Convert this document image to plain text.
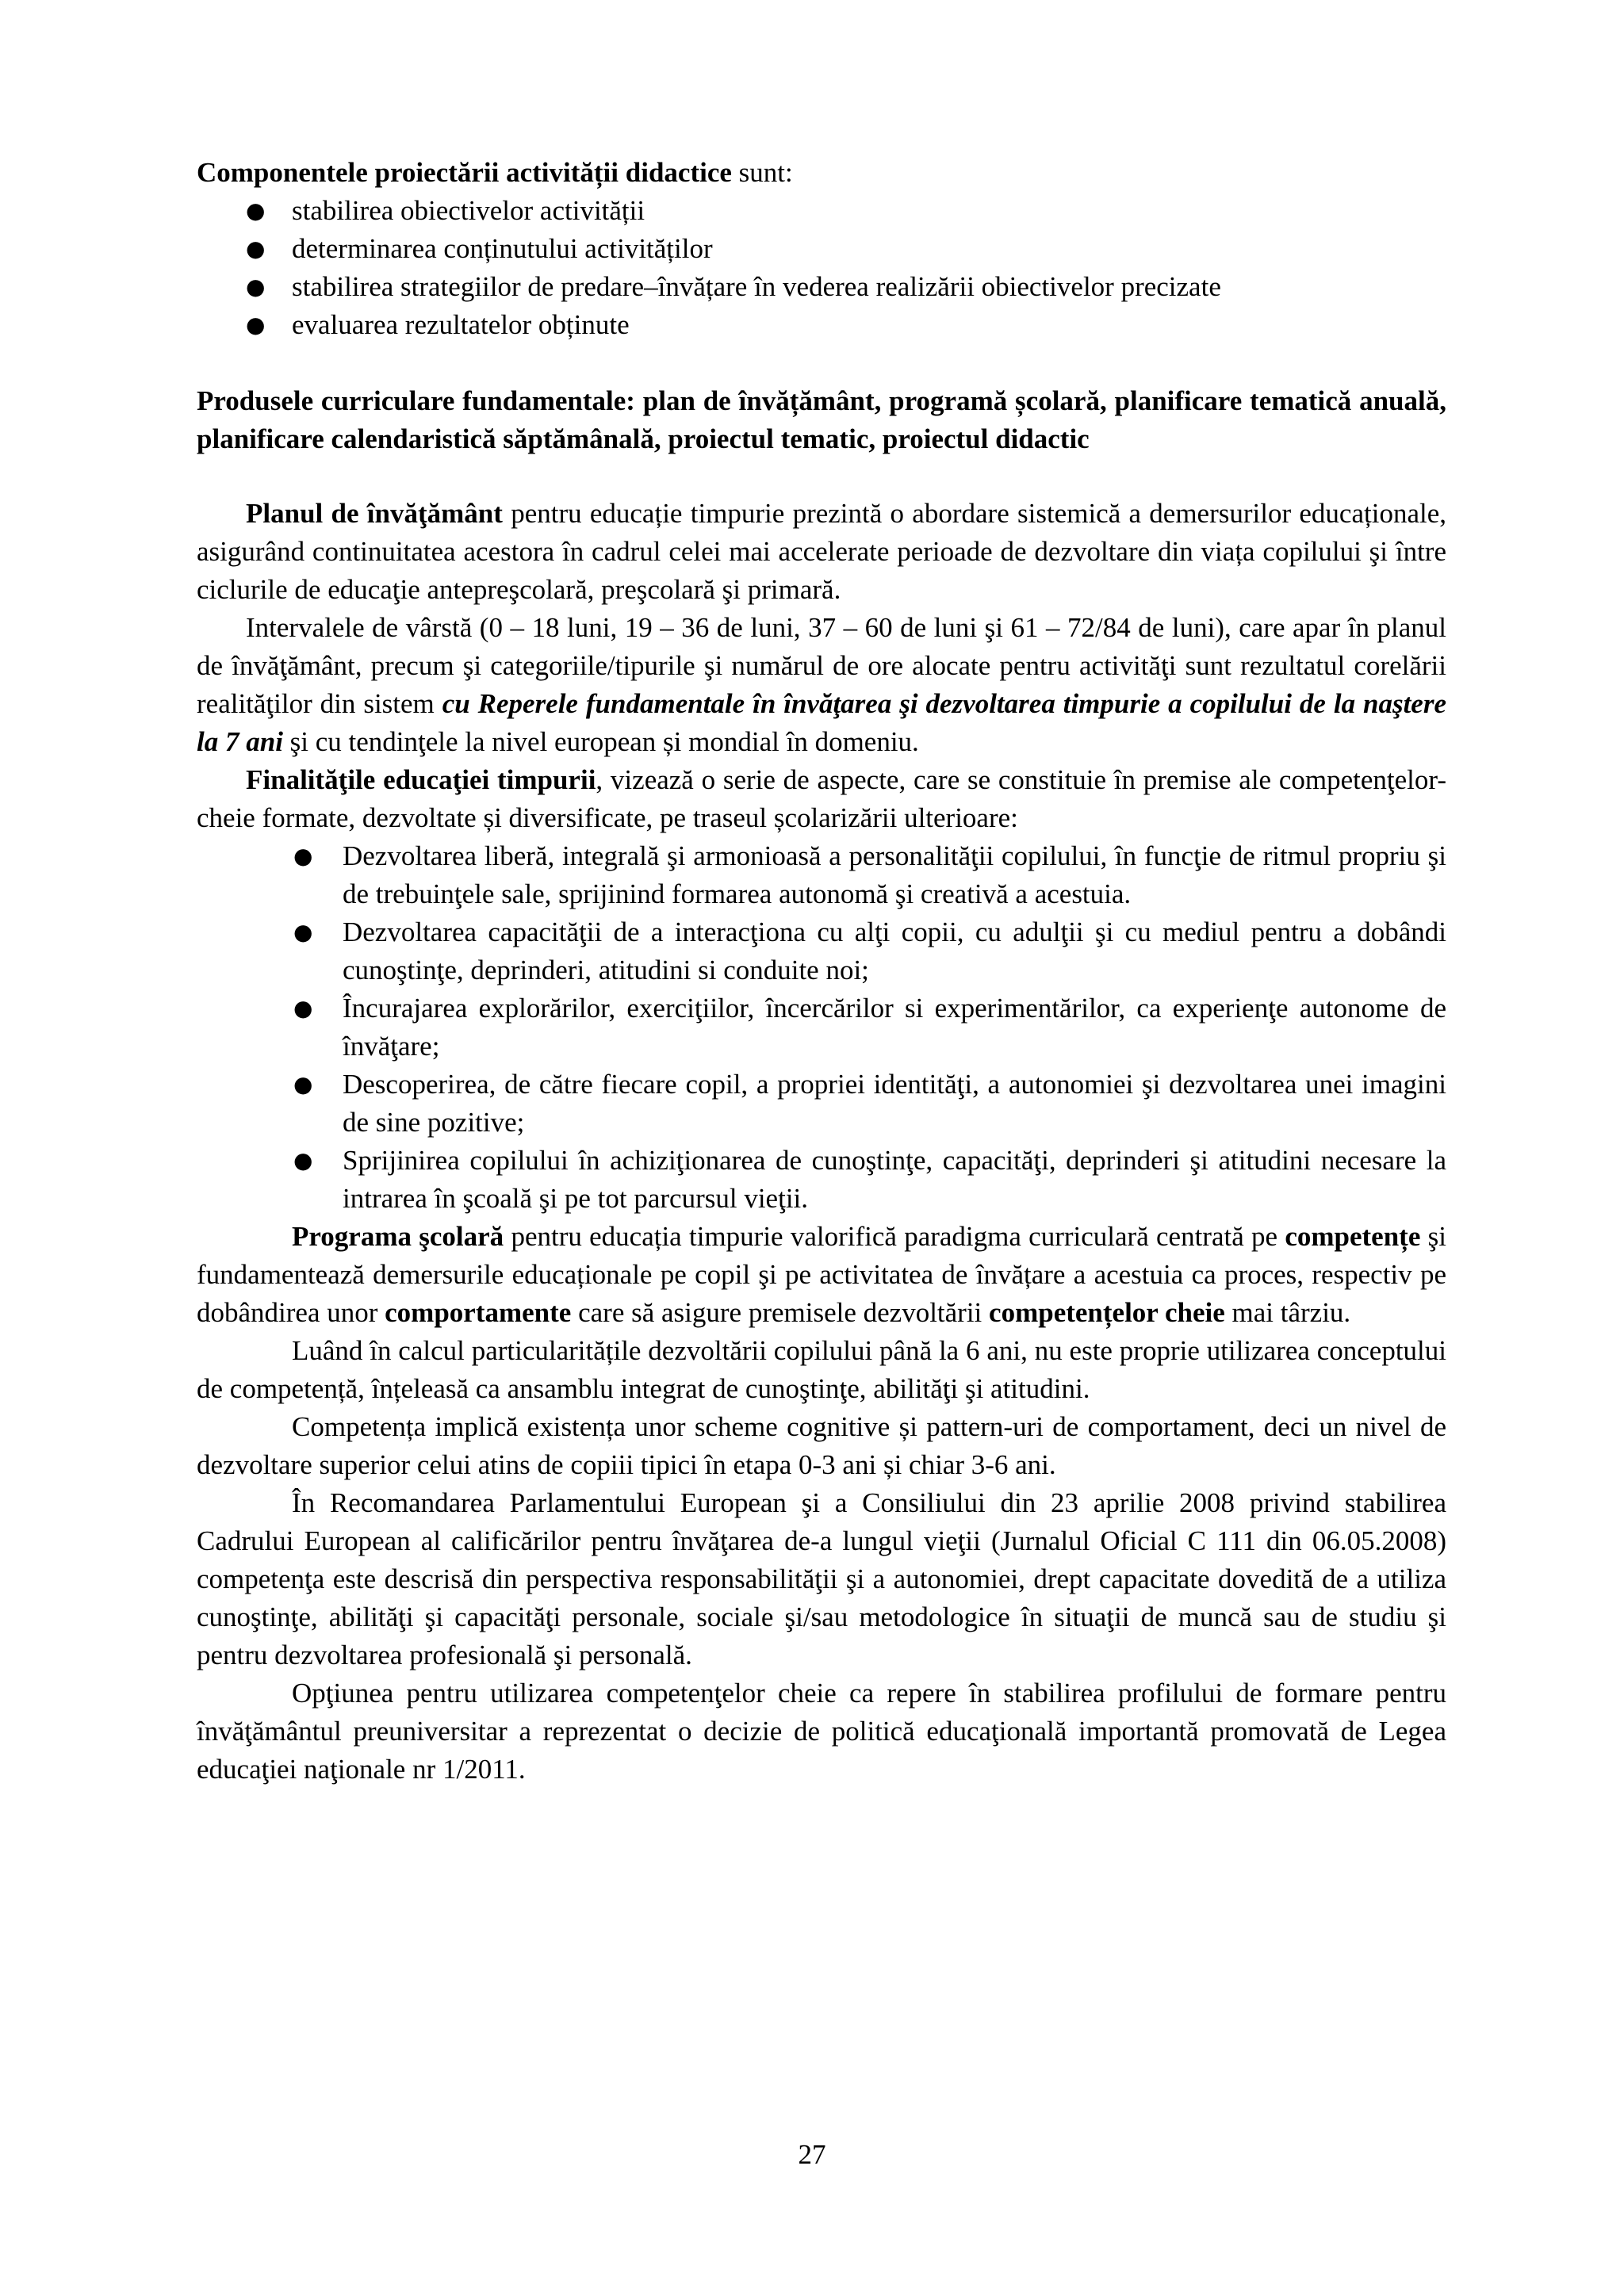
Componentele proiectării activității didactice sunt:

● stabilirea obiectivelor activității
● determinarea conținutului activităților
● stabilirea strategiilor de predare–învățare în vederea realizării obiectivelor precizate
● evaluarea rezultatelor obținute

Produsele curriculare fundamentale: plan de învățământ, programă școlară, planificare tematică anuală, planificare calendaristică săptămânală, proiectul tematic, proiectul didactic

Planul de învăţământ pentru educație timpurie prezintă o abordare sistemică a demersurilor educaționale, asigurând continuitatea acestora în cadrul celei mai accelerate perioade de dezvoltare din viața copilului şi între ciclurile de educaţie antepreşcolară, preşcolară şi primară.

Intervalele de vârstă (0 – 18 luni, 19 – 36 de luni, 37 – 60 de luni şi 61 – 72/84 de luni), care apar în planul de învăţământ, precum şi categoriile/tipurile şi numărul de ore alocate pentru activităţi sunt rezultatul corelării realităţilor din sistem cu Reperele fundamentale în învăţarea şi dezvoltarea timpurie a copilului de la naştere la 7 ani şi cu tendinţele la nivel european și mondial în domeniu.

Finalităţile educaţiei timpurii, vizează o serie de aspecte, care se constituie în premise ale competenţelor-cheie formate, dezvoltate și diversificate, pe traseul școlarizării ulterioare:

● Dezvoltarea liberă, integrală şi armonioasă a personalităţii copilului, în funcţie de ritmul propriu şi de trebuinţele sale, sprijinind formarea autonomă şi creativă a acestuia.
● Dezvoltarea capacităţii de a interacţiona cu alţi copii, cu adulţii şi cu mediul pentru a dobândi cunoştinţe, deprinderi, atitudini si conduite noi;
● Încurajarea explorărilor, exerciţiilor, încercărilor si experimentărilor, ca experienţe autonome de învăţare;
● Descoperirea, de către fiecare copil, a propriei identităţi, a autonomiei şi dezvoltarea unei imagini de sine pozitive;
● Sprijinirea copilului în achiziţionarea de cunoştinţe, capacităţi, deprinderi şi atitudini necesare la intrarea în şcoală şi pe tot parcursul vieţii.

Programa şcolară pentru educația timpurie valorifică paradigma curriculară centrată pe competențe şi fundamentează demersurile educaționale pe copil şi pe activitatea de învățare a acestuia ca proces, respectiv pe dobândirea unor comportamente care să asigure premisele dezvoltării competențelor cheie mai târziu.

Luând în calcul particularitățile dezvoltării copilului până la 6 ani, nu este proprie utilizarea conceptului de competență, înțeleasă ca ansamblu integrat de cunoştinţe, abilităţi şi atitudini.

Competența implică existența unor scheme cognitive și pattern-uri de comportament, deci un nivel de dezvoltare superior celui atins de copiii tipici în etapa 0-3 ani și chiar 3-6 ani.

În Recomandarea Parlamentului European şi a Consiliului din 23 aprilie 2008 privind stabilirea Cadrului European al calificărilor pentru învăţarea de-a lungul vieţii (Jurnalul Oficial C 111 din 06.05.2008) competenţa este descrisă din perspectiva responsabilităţii şi a autonomiei, drept capacitate dovedită de a utiliza cunoştinţe, abilităţi şi capacităţi personale, sociale şi/sau metodologice în situaţii de muncă sau de studiu şi pentru dezvoltarea profesională şi personală.

Opţiunea pentru utilizarea competenţelor cheie ca repere în stabilirea profilului de formare pentru învăţământul preuniversitar a reprezentat o decizie de politică educaţională importantă promovată de Legea educaţiei naţionale nr 1/2011.

27
